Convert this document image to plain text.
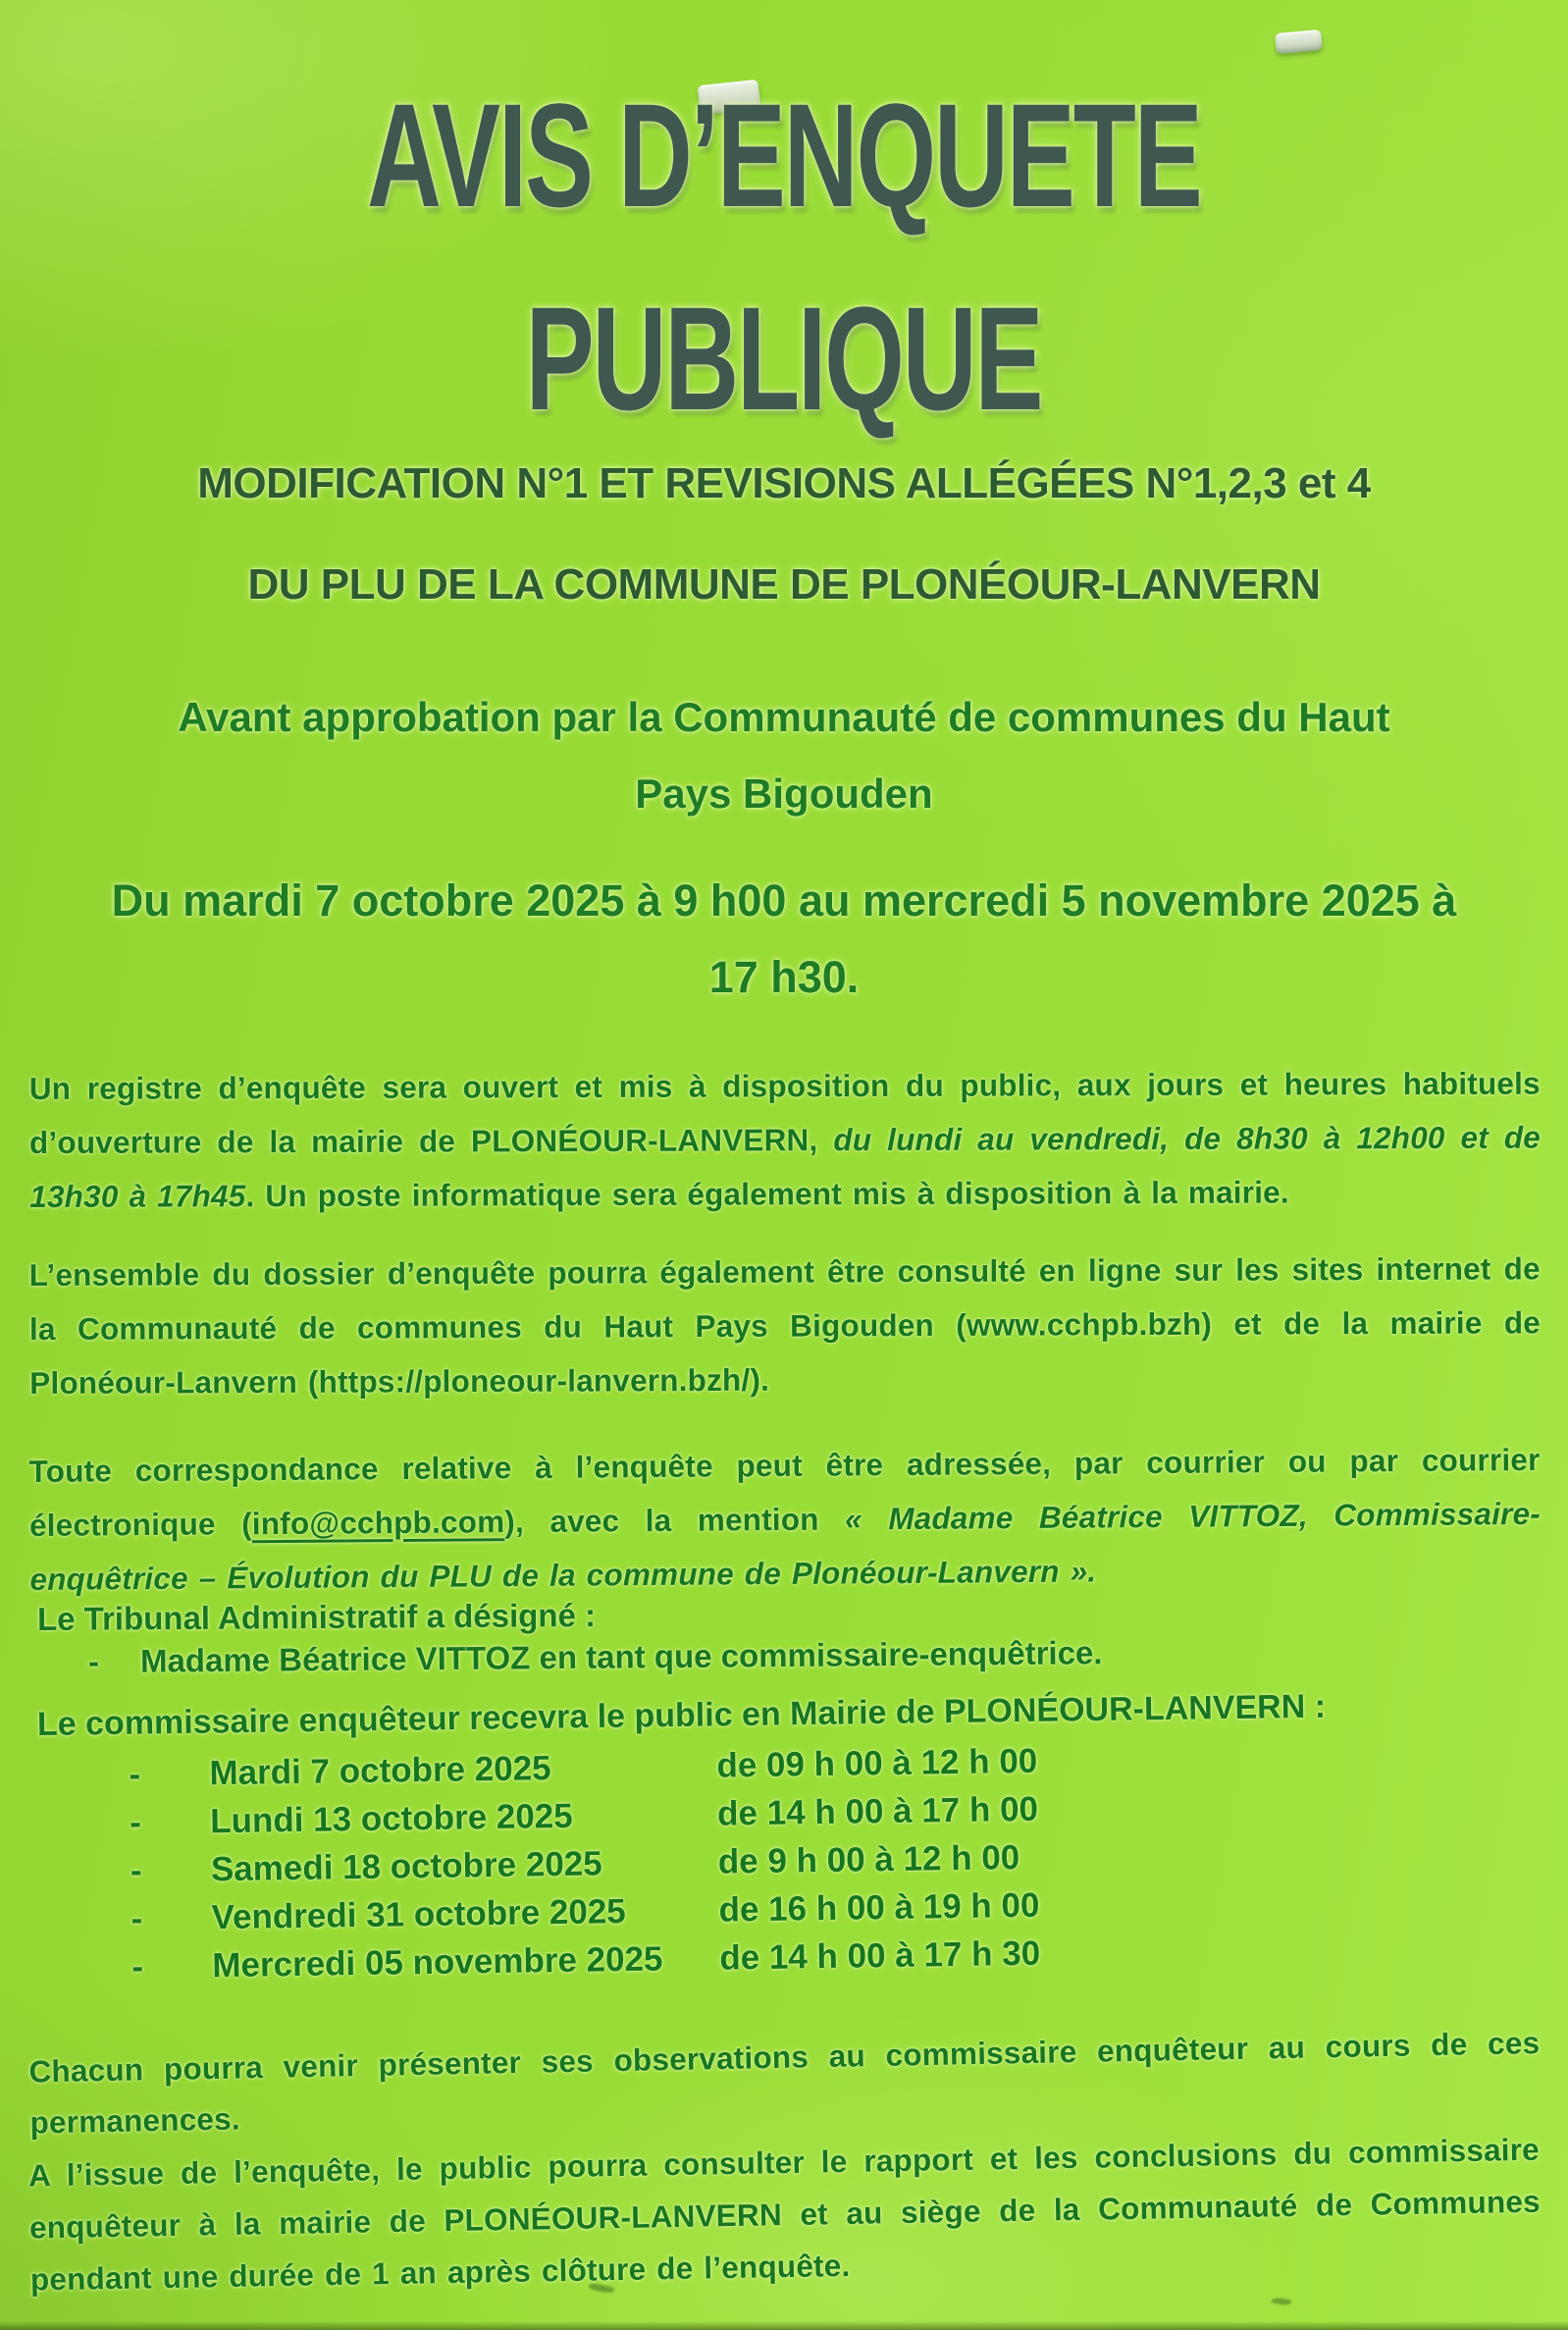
AVIS D’ENQUETE
PUBLIQUE
MODIFICATION N°1 ET REVISIONS ALLÉGÉES N°1,2,3 et 4
DU PLU DE LA COMMUNE DE PLONÉOUR-LANVERN
Avant approbation par la Communauté de communes du Haut Pays Bigouden
Du mardi 7 octobre 2025 à 9 h00 au mercredi 5 novembre 2025 à 17 h30.

Un registre d’enquête sera ouvert et mis à disposition du public, aux jours et heures habituels d’ouverture de la mairie de PLONÉOUR-LANVERN, du lundi au vendredi, de 8h30 à 12h00 et de 13h30 à 17h45. Un poste informatique sera également mis à disposition à la mairie.

L’ensemble du dossier d’enquête pourra également être consulté en ligne sur les sites internet de la Communauté de communes du Haut Pays Bigouden (www.cchpb.bzh) et de la mairie de Plonéour-Lanvern (https://ploneour-lanvern.bzh/).

Toute correspondance relative à l’enquête peut être adressée, par courrier ou par courrier électronique (info@cchpb.com), avec la mention « Madame Béatrice VITTOZ, Commissaire-enquêtrice – Évolution du PLU de la commune de Plonéour-Lanvern ».

Le Tribunal Administratif a désigné :
-	Madame Béatrice VITTOZ en tant que commissaire-enquêtrice.
Le commissaire enquêteur recevra le public en Mairie de PLONÉOUR-LANVERN :
-	Mardi 7 octobre 2025	de 09 h 00 à 12 h 00
-	Lundi 13 octobre 2025	de 14 h 00 à 17 h 00
-	Samedi 18 octobre 2025	de 9 h 00 à 12 h 00
-	Vendredi 31 octobre 2025	de 16 h 00 à 19 h 00
-	Mercredi 05 novembre 2025	de 14 h 00 à 17 h 30

Chacun pourra venir présenter ses observations au commissaire enquêteur au cours de ces permanences.

A l’issue de l’enquête, le public pourra consulter le rapport et les conclusions du commissaire enquêteur à la mairie de PLONÉOUR-LANVERN et au siège de la Communauté de Communes pendant une durée de 1 an après clôture de l’enquête.
